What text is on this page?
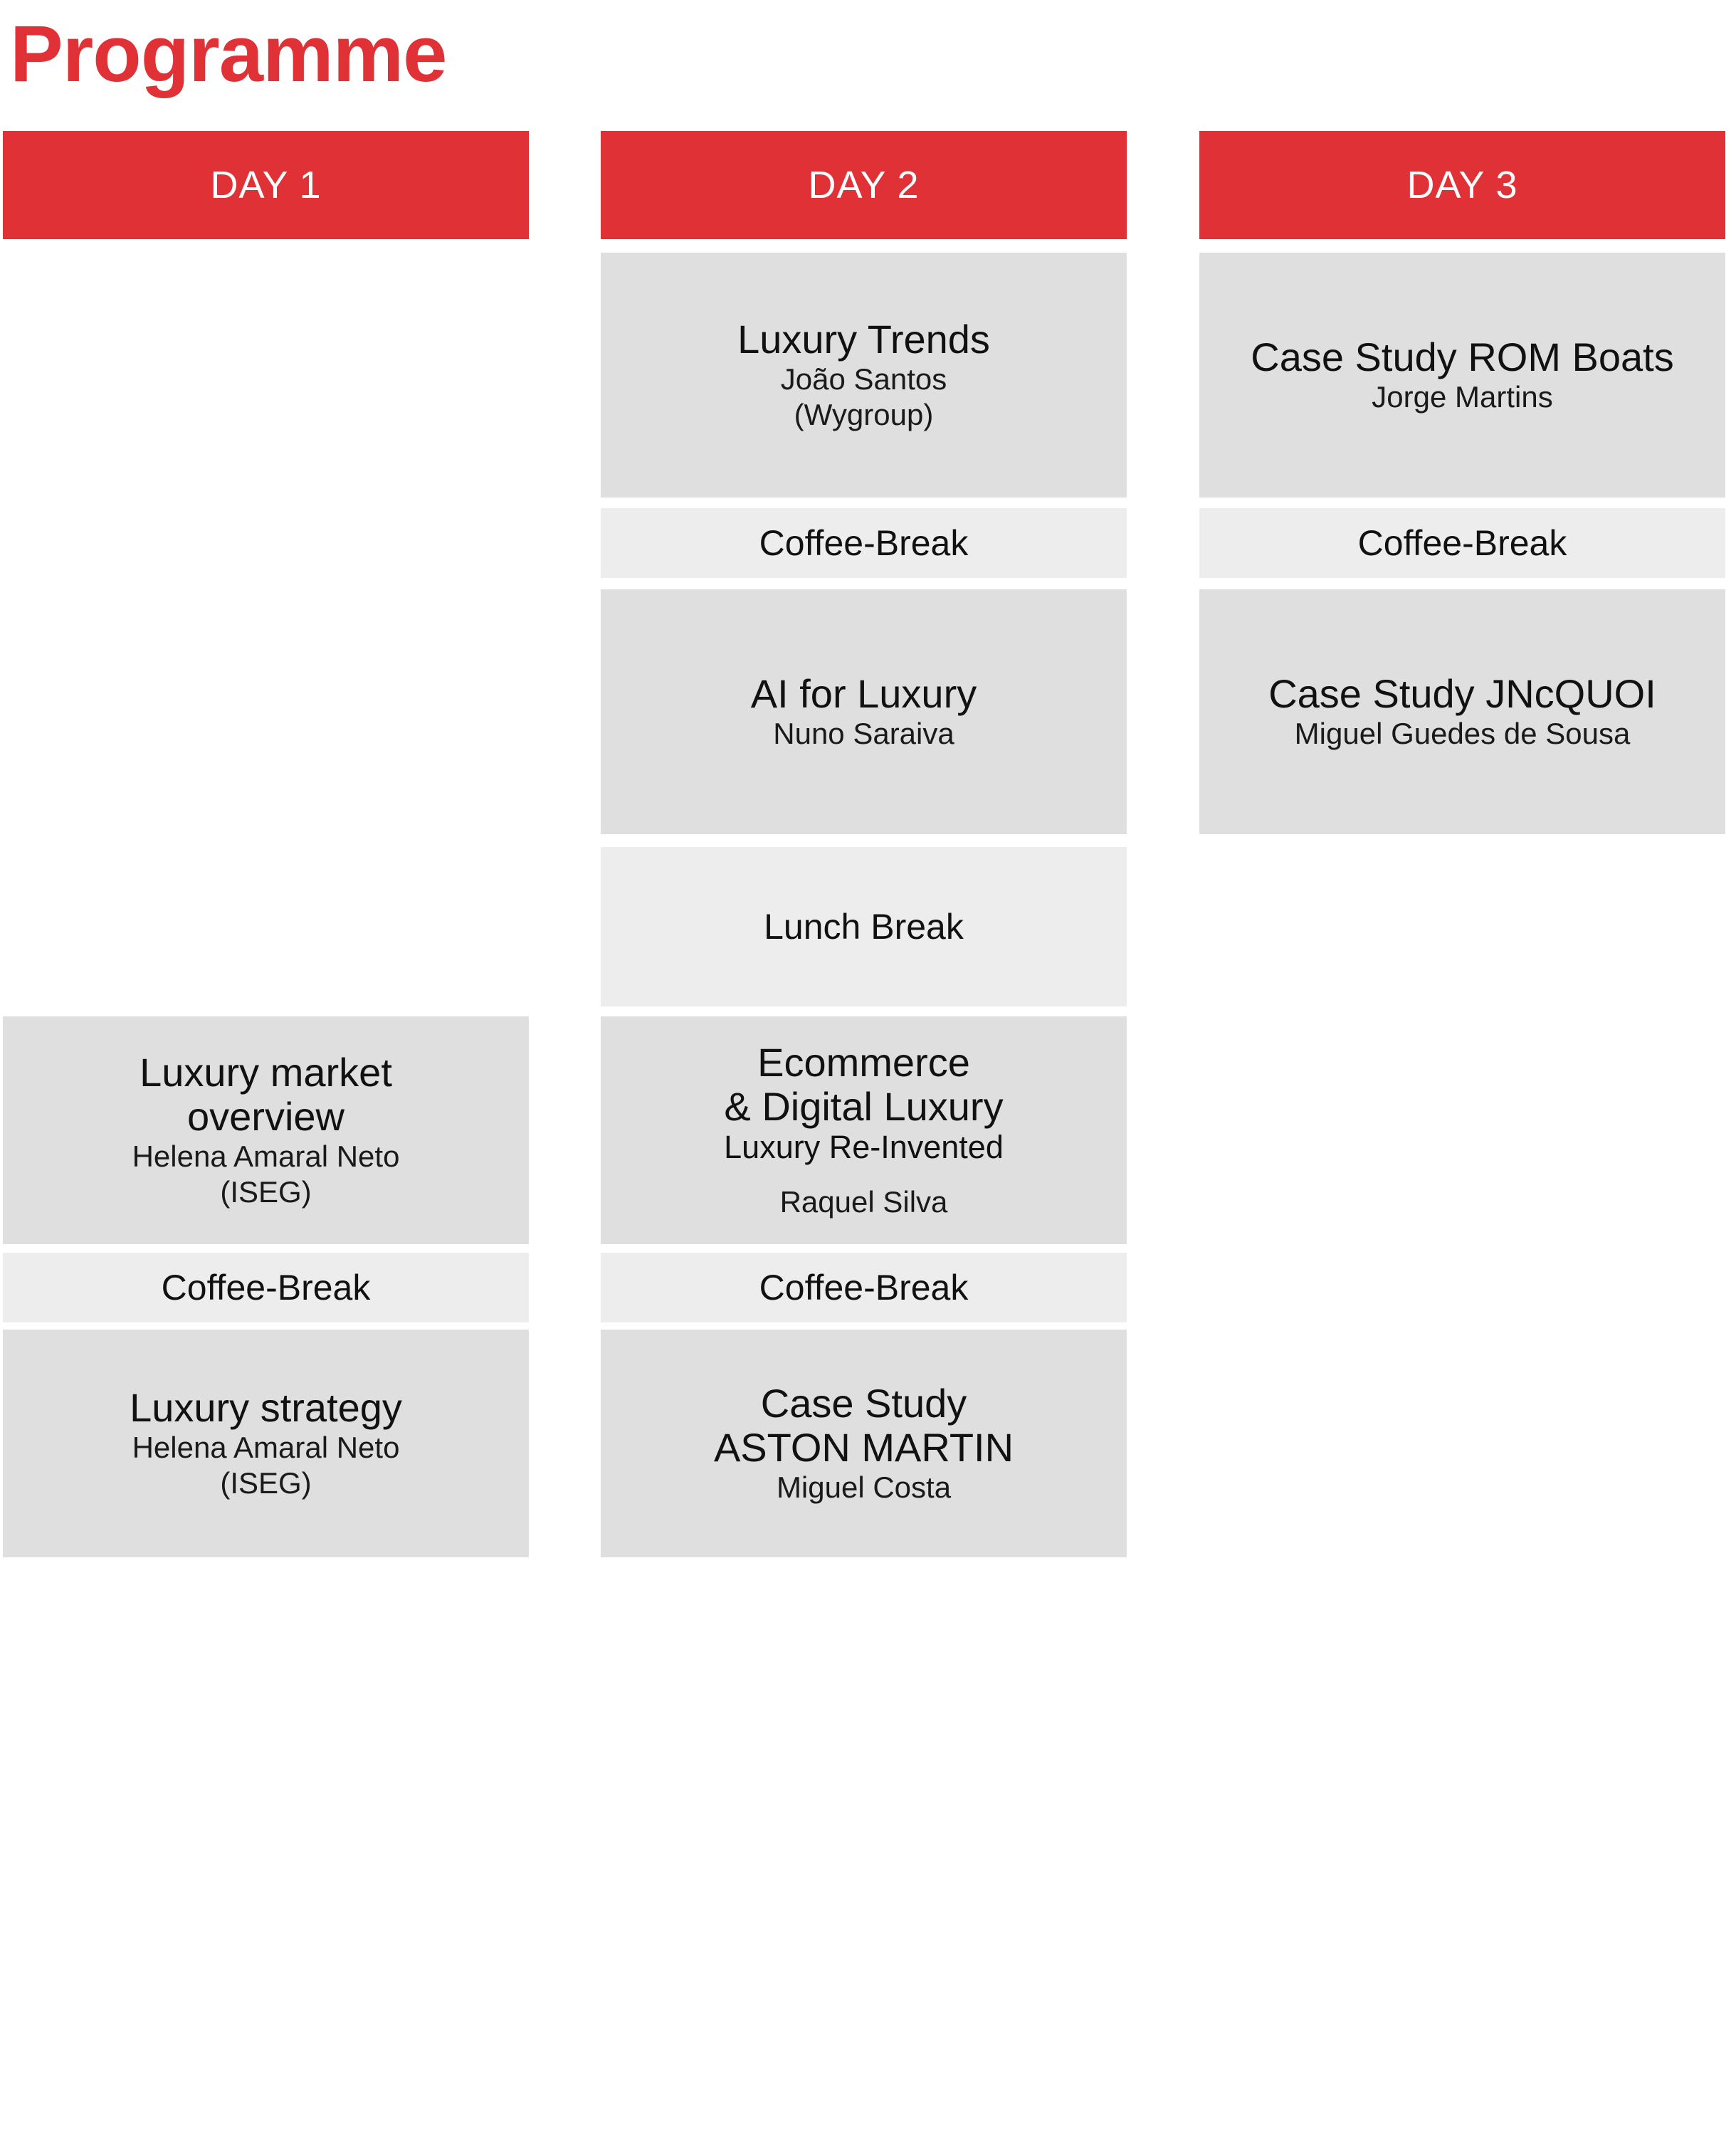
Programme
DAY 1	DAY 2	DAY 3
Luxury market
overview
Helena Amaral Neto
(ISEG)
Coffee-Break
Luxury strategy
Helena Amaral Neto
(ISEG)
Luxury Trends
João Santos
(Wygroup)
Coffee-Break
AI for Luxury
Nuno Saraiva
Lunch Break
Ecommerce
& Digital Luxury
Luxury Re-Invented
Raquel Silva
Coffee-Break
Case Study
ASTON MARTIN
Miguel Costa
Case Study ROM Boats
Jorge Martins
Coffee-Break
Case Study JNcQUOI
Miguel Guedes de Sousa
